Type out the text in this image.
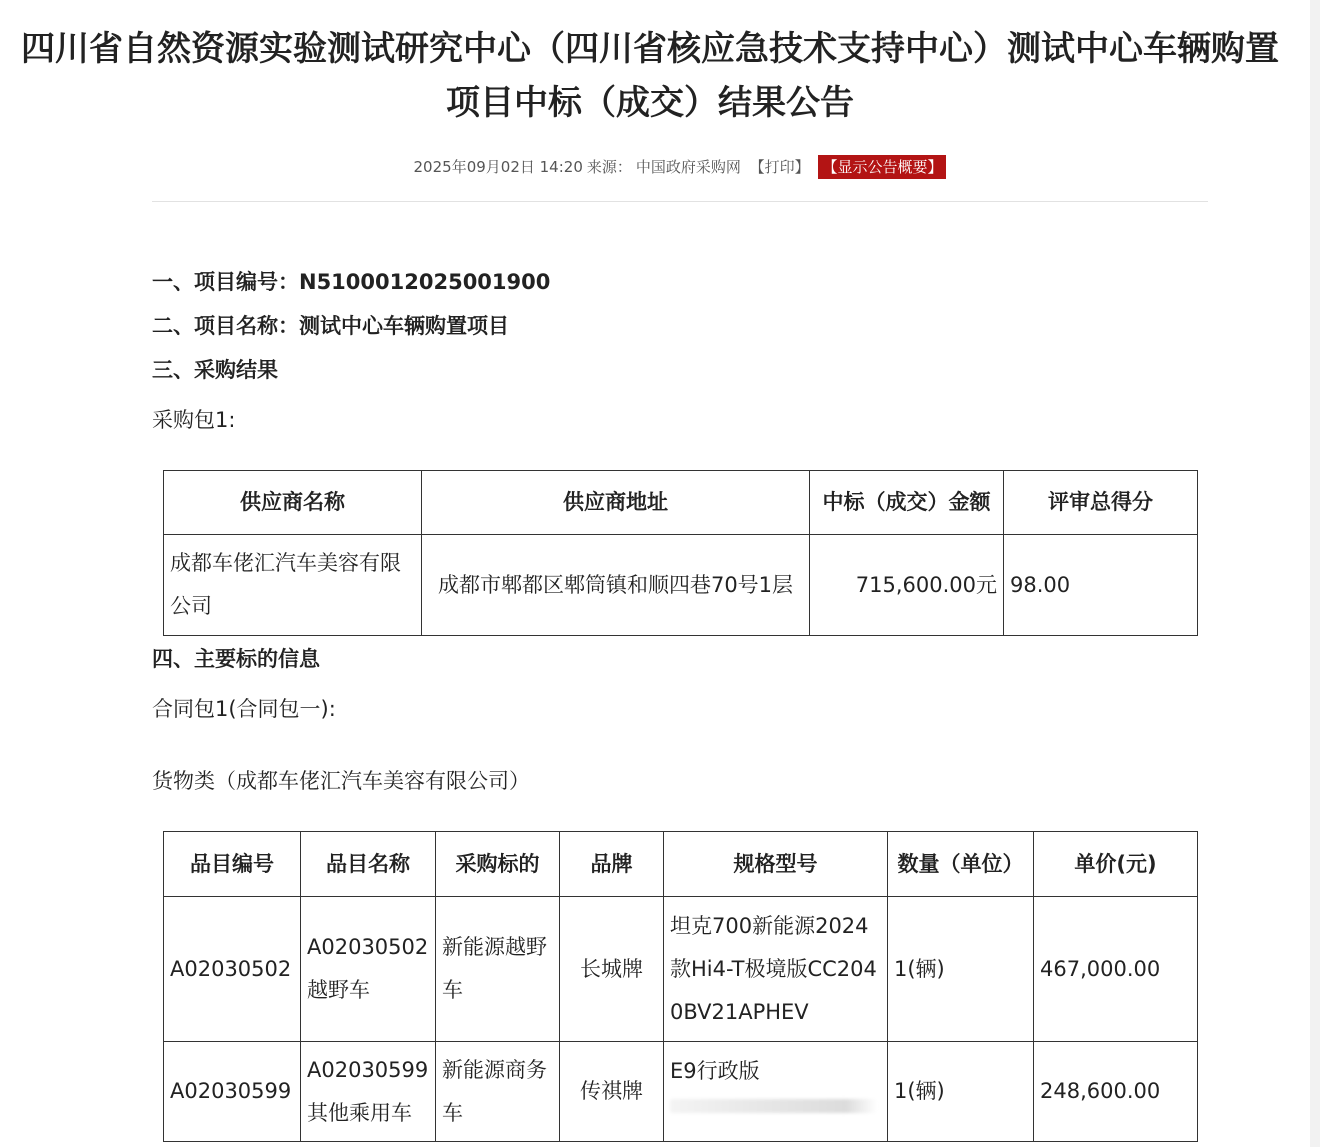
四川省自然资源实验测试研究中心（四川省核应急技术支持中心）测试中心车辆购置项目中标（成交）结果公告
2025年09月02日 14:20 来源： 中国政府采购网 【打印】 【显示公告概要】
一、项目编号：N5100012025001900
二、项目名称：测试中心车辆购置项目
三、采购结果
采购包1:
供应商名称	供应商地址	中标（成交）金额	评审总得分
成都车佬汇汽车美容有限公司	成都市郫都区郫筒镇和顺四巷70号1层	715,600.00元	98.00
四、主要标的信息
合同包1(合同包一):
货物类（成都车佬汇汽车美容有限公司）
品目编号	品目名称	采购标的	品牌	规格型号	数量（单位）	单价(元)
A02030502	A02030502越野车	新能源越野车	长城牌	坦克700新能源2024款Hi4-T极境版CC2040BV21APHEV	1(辆)	467,000.00
A02030599	A02030599其他乘用车	新能源商务车	传祺牌	E9行政版	1(辆)	248,600.00
